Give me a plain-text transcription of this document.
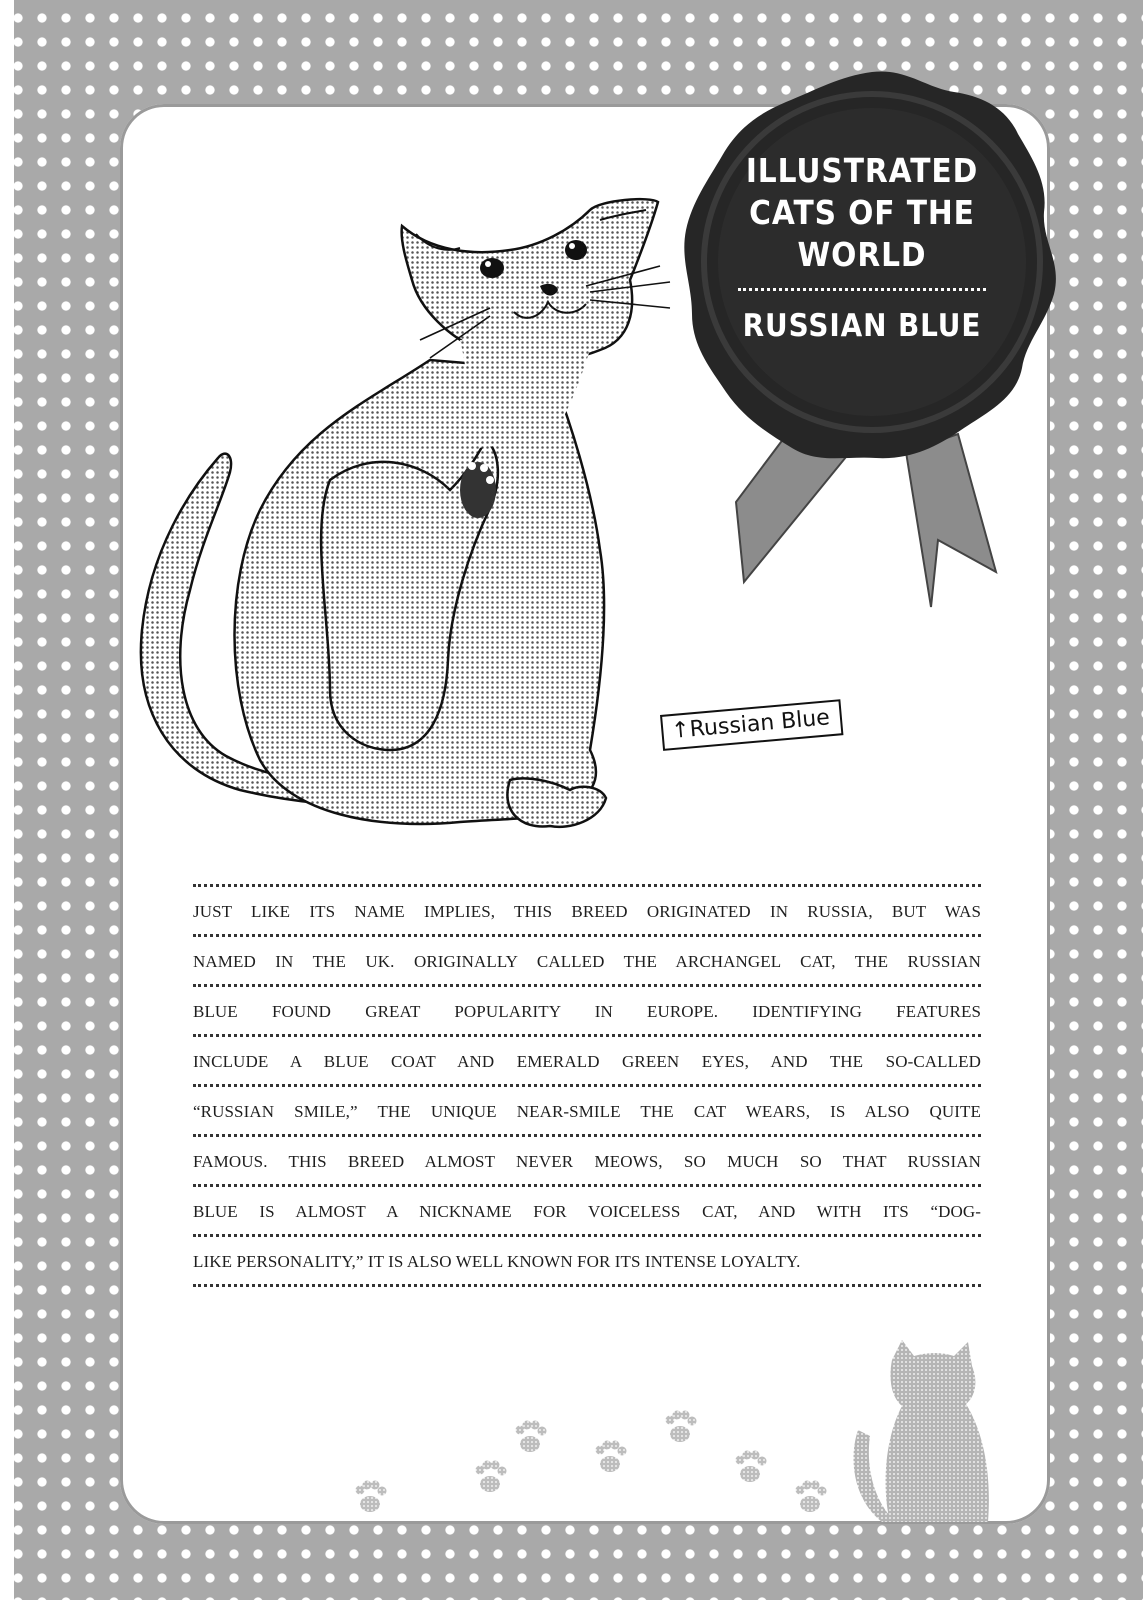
ILLUSTRATED CATS OF THE WORLD
RUSSIAN BLUE
↑Russian Blue
JUST LIKE ITS NAME IMPLIES, THIS BREED ORIGINATED IN RUSSIA, BUT WAS
NAMED IN THE UK. ORIGINALLY CALLED THE ARCHANGEL CAT, THE RUSSIAN
BLUE FOUND GREAT POPULARITY IN EUROPE. IDENTIFYING FEATURES
INCLUDE A BLUE COAT AND EMERALD GREEN EYES, AND THE SO-CALLED
“RUSSIAN SMILE,” THE UNIQUE NEAR-SMILE THE CAT WEARS, IS ALSO QUITE
FAMOUS. THIS BREED ALMOST NEVER MEOWS, SO MUCH SO THAT RUSSIAN
BLUE IS ALMOST A NICKNAME FOR VOICELESS CAT, AND WITH ITS “DOG-
LIKE PERSONALITY,” IT IS ALSO WELL KNOWN FOR ITS INTENSE LOYALTY.
